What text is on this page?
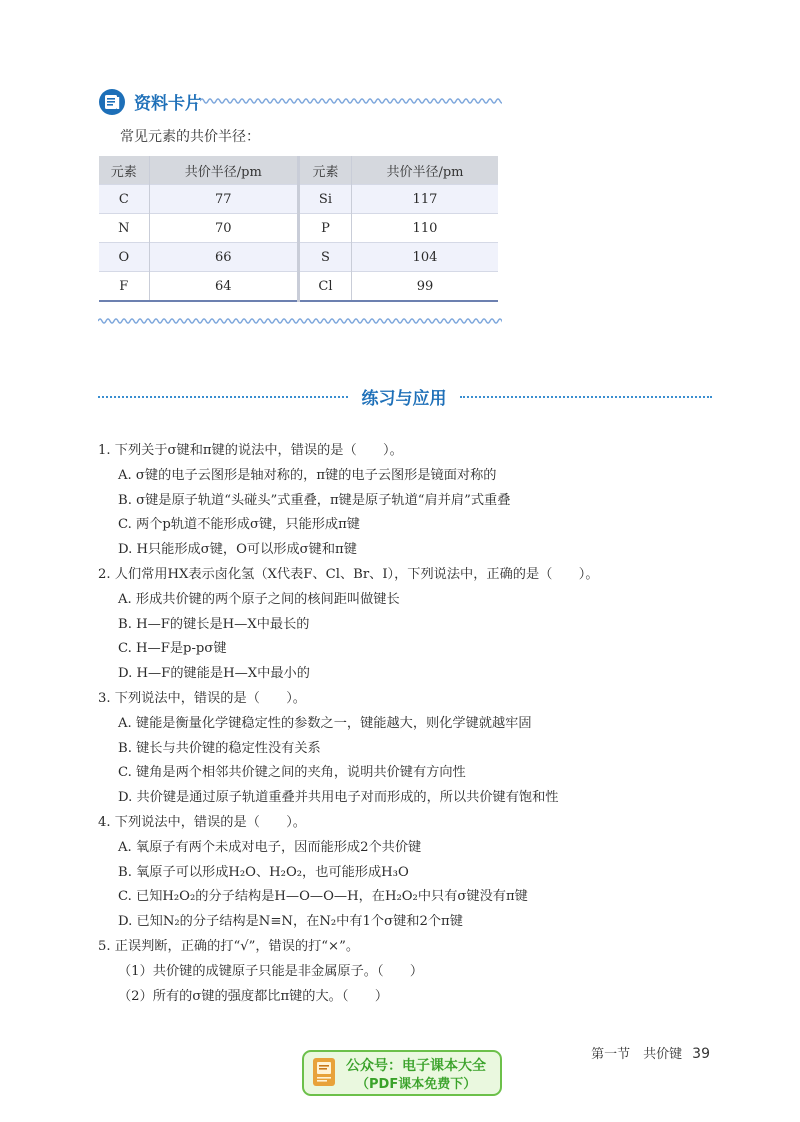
资料卡片
常见元素的共价半径：
元素	共价半径/pm	元素	共价半径/pm
C	77	Si	117
N	70	P	110
O	66	S	104
F	64	Cl	99
练习与应用
1. 下列关于σ键和π键的说法中，错误的是（　　）。
A. σ键的电子云图形是轴对称的，π键的电子云图形是镜面对称的
B. σ键是原子轨道“头碰头”式重叠，π键是原子轨道“肩并肩”式重叠
C. 两个p轨道不能形成σ键，只能形成π键
D. H只能形成σ键，O可以形成σ键和π键
2. 人们常用HX表示卤化氢（X代表F、Cl、Br、I），下列说法中，正确的是（　　）。
A. 形成共价键的两个原子之间的核间距叫做键长
B. H—F的键长是H—X中最长的
C. H—F是p-pσ键
D. H—F的键能是H—X中最小的
3. 下列说法中，错误的是（　　）。
A. 键能是衡量化学键稳定性的参数之一，键能越大，则化学键就越牢固
B. 键长与共价键的稳定性没有关系
C. 键角是两个相邻共价键之间的夹角，说明共价键有方向性
D. 共价键是通过原子轨道重叠并共用电子对而形成的，所以共价键有饱和性
4. 下列说法中，错误的是（　　）。
A. 氧原子有两个未成对电子，因而能形成2个共价键
B. 氧原子可以形成H₂O、H₂O₂，也可能形成H₃O
C. 已知H₂O₂的分子结构是H—O—O—H，在H₂O₂中只有σ键没有π键
D. 已知N₂的分子结构是N≡N，在N₂中有1个σ键和2个π键
5. 正误判断，正确的打“√”，错误的打“×”。
（1）共价键的成键原子只能是非金属原子。（　　）
（2）所有的σ键的强度都比π键的大。（　　）
第一节　共价键 39
公众号：电子课本大全
（PDF课本免费下）
